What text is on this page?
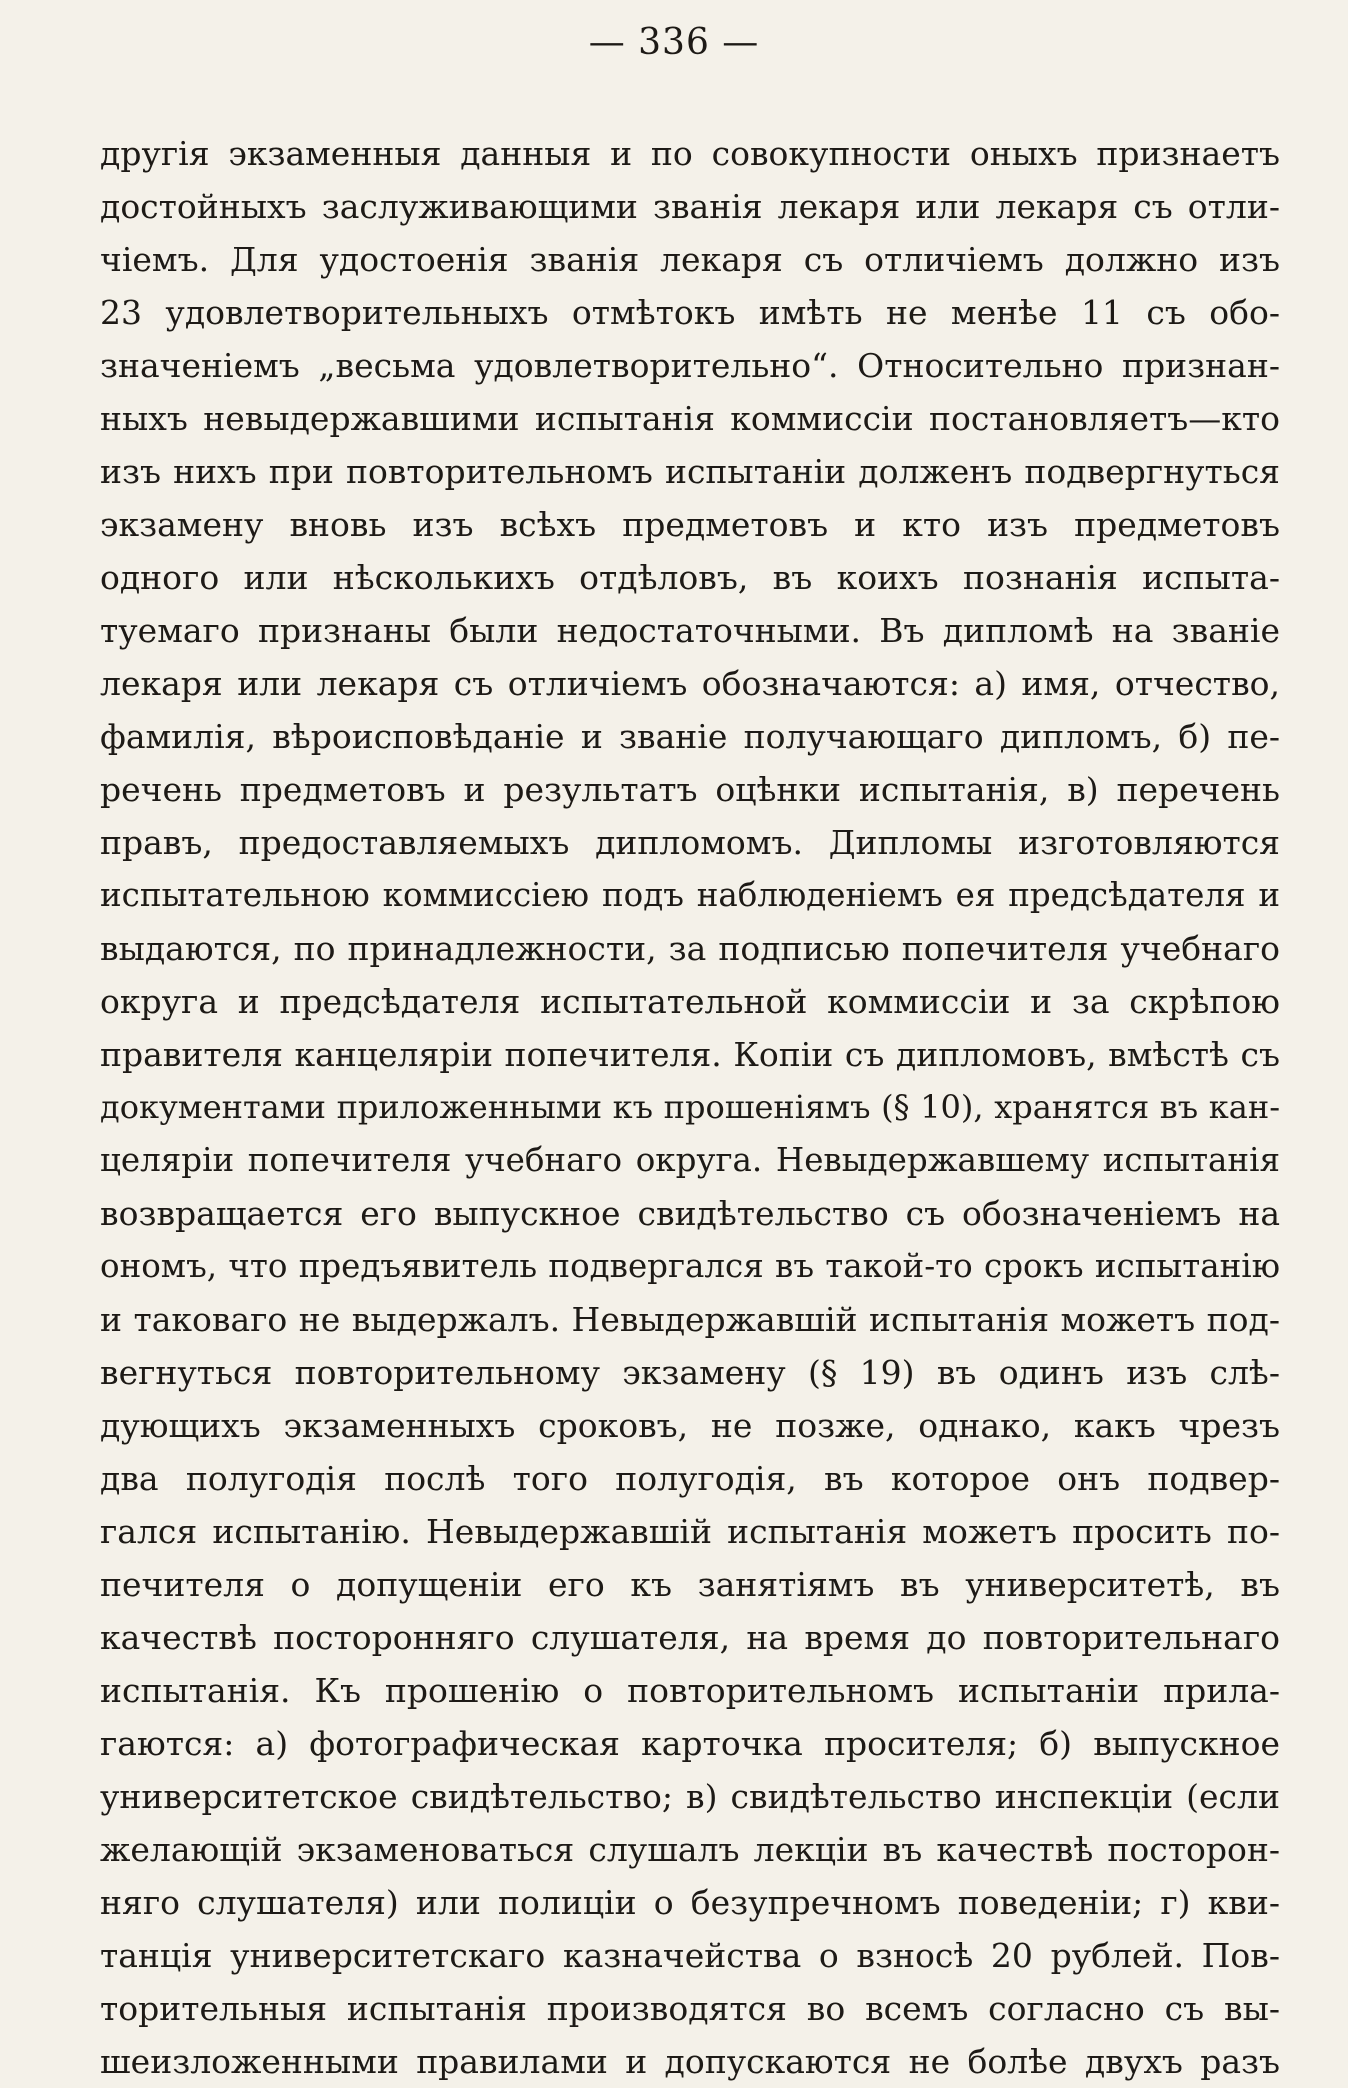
— 336 —
другія экзаменныя данныя и по совокупности оныхъ признаетъ
достойныхъ заслуживающими званія лекаря или лекаря съ отли-
чіемъ. Для удостоенія званія лекаря съ отличіемъ должно изъ
23 удовлетворительныхъ отмѣтокъ имѣть не менѣе 11 съ обо-
значеніемъ „весьма удовлетворительно“. Относительно признан-
ныхъ невыдержавшими испытанія коммиссіи постановляетъ—кто
изъ нихъ при повторительномъ испытаніи долженъ подвергнуться
экзамену вновь изъ всѣхъ предметовъ и кто изъ предметовъ
одного или нѣсколькихъ отдѣловъ, въ коихъ познанія испыта-
туемаго признаны были недостаточными. Въ дипломѣ на званіе
лекаря или лекаря съ отличіемъ обозначаются: а) имя, отчество,
фамилія, вѣроисповѣданіе и званіе получающаго дипломъ, б) пе-
речень предметовъ и результатъ оцѣнки испытанія, в) перечень
правъ, предоставляемыхъ дипломомъ. Дипломы изготовляются
испытательною коммиссіею подъ наблюденіемъ ея предсѣдателя и
выдаются, по принадлежности, за подписью попечителя учебнаго
округа и предсѣдателя испытательной коммиссіи и за скрѣпою
правителя канцеляріи попечителя. Копіи съ дипломовъ, вмѣстѣ съ
документами приложенными къ прошеніямъ (§ 10), хранятся въ кан-
целяріи попечителя учебнаго округа. Невыдержавшему испытанія
возвращается его выпускное свидѣтельство съ обозначеніемъ на
ономъ, что предъявитель подвергался въ такой-то срокъ испытанію
и таковаго не выдержалъ. Невыдержавшій испытанія можетъ под-
вегнуться повторительному экзамену (§ 19) въ одинъ изъ слѣ-
дующихъ экзаменныхъ сроковъ, не позже, однако, какъ чрезъ
два полугодія послѣ того полугодія, въ которое онъ подвер-
гался испытанію. Невыдержавшій испытанія можетъ просить по-
печителя о допущеніи его къ занятіямъ въ университетѣ, въ
качествѣ посторонняго слушателя, на время до повторительнаго
испытанія. Къ прошенію о повторительномъ испытаніи прила-
гаются: а) фотографическая карточка просителя; б) выпускное
университетское свидѣтельство; в) свидѣтельство инспекціи (если
желающій экзаменоваться слушалъ лекціи въ качествѣ посторон-
няго слушателя) или полиціи о безупречномъ поведеніи; г) кви-
танція университетскаго казначейства о взносѣ 20 рублей. Пов-
торительныя испытанія производятся во всемъ согласно съ вы-
шеизложенными правилами и допускаются не болѣе двухъ разъ
